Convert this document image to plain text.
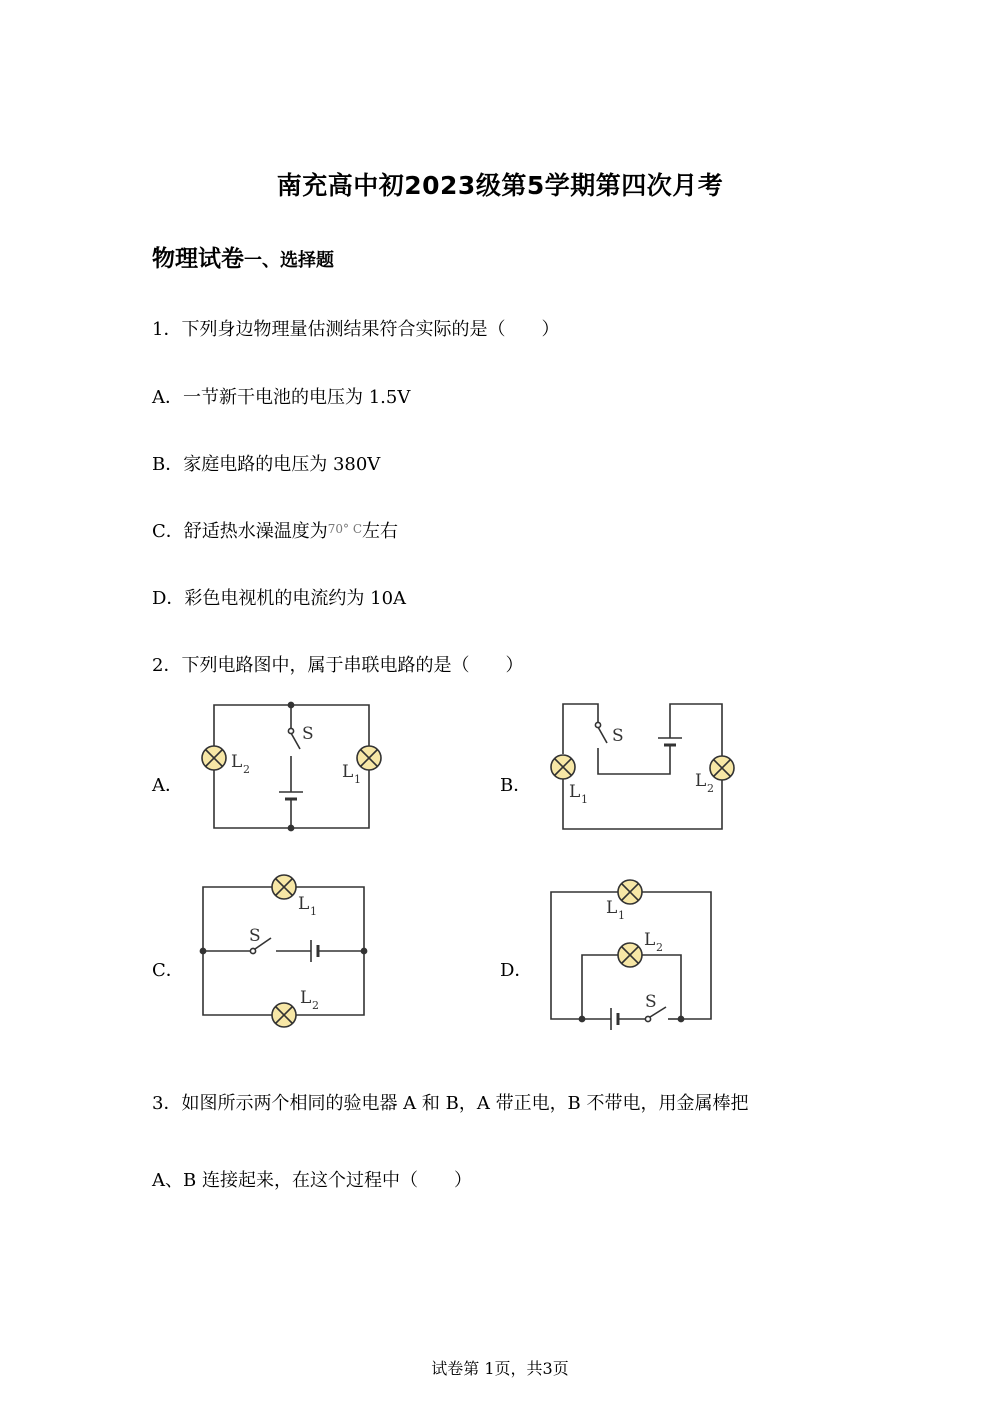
南充高中初2023级第5学期第四次月考
物理试卷一、选择题
1．下列身边物理量估测结果符合实际的是（　　）
A．一节新干电池的电压为 1.5V
B．家庭电路的电压为 380V
C．舒适热水澡温度为$^{70^\circ C}$左右
D．彩色电视机的电流约为 10A
2．下列电路图中，属于串联电路的是（　　）
A．	B．
C．	D．
S
L 2	L 1
S
L 1
L 2
S
L 1
L 2	S
L 1
L 2
3．如图所示两个相同的验电器 A 和 B，A 带正电，B 不带电，用金属棒把
A、B 连接起来，在这个过程中（　　）
试卷第 1页，共3页
